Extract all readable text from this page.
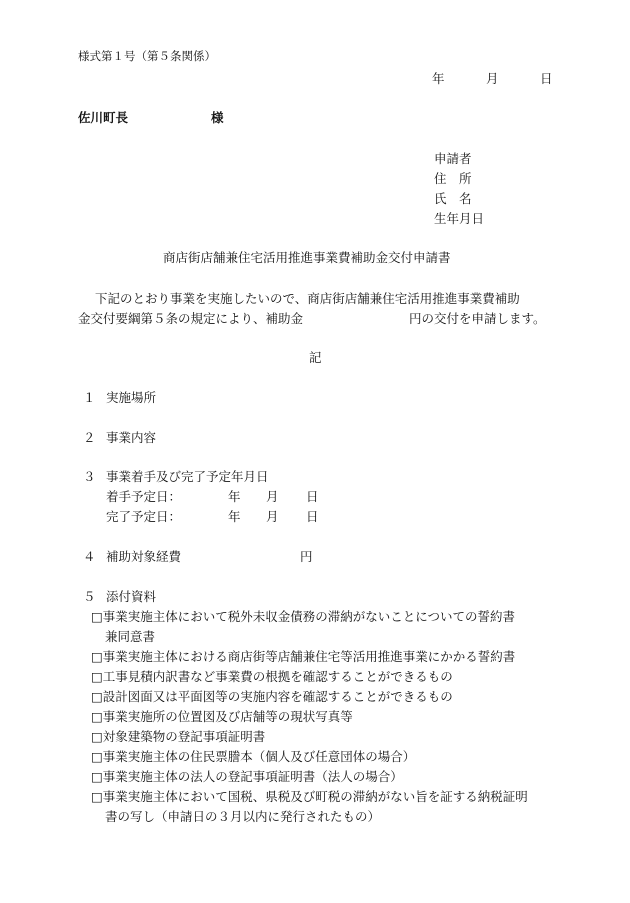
様式第１号（第５条関係）
年	月	日
佐川町長	様
申請者
住　所
氏　名
生年月日
商店街店舗兼住宅活用推進事業費補助金交付申請書
下記のとおり事業を実施したいので、商店街店舗兼住宅活用推進事業費補助
金交付要綱第５条の規定により、補助金	円の交付を申請します。
記
１ 実施場所
２ 事業内容
３ 事業着手及び完了予定年月日
着手予定日：	年 月 日
完了予定日：	年 月 日
４ 補助対象経費	円
５ 添付資料
□事業実施主体において税外未収金債務の滞納がないことについての誓約書
兼同意書
□事業実施主体における商店街等店舗兼住宅等活用推進事業にかかる誓約書
□工事見積内訳書など事業費の根拠を確認することができるもの
□設計図面又は平面図等の実施内容を確認することができるもの
□事業実施所の位置図及び店舗等の現状写真等
□対象建築物の登記事項証明書
□事業実施主体の住民票謄本（個人及び任意団体の場合）
□事業実施主体の法人の登記事項証明書（法人の場合）
□事業実施主体において国税、県税及び町税の滞納がない旨を証する納税証明
書の写し（申請日の３月以内に発行されたもの）
